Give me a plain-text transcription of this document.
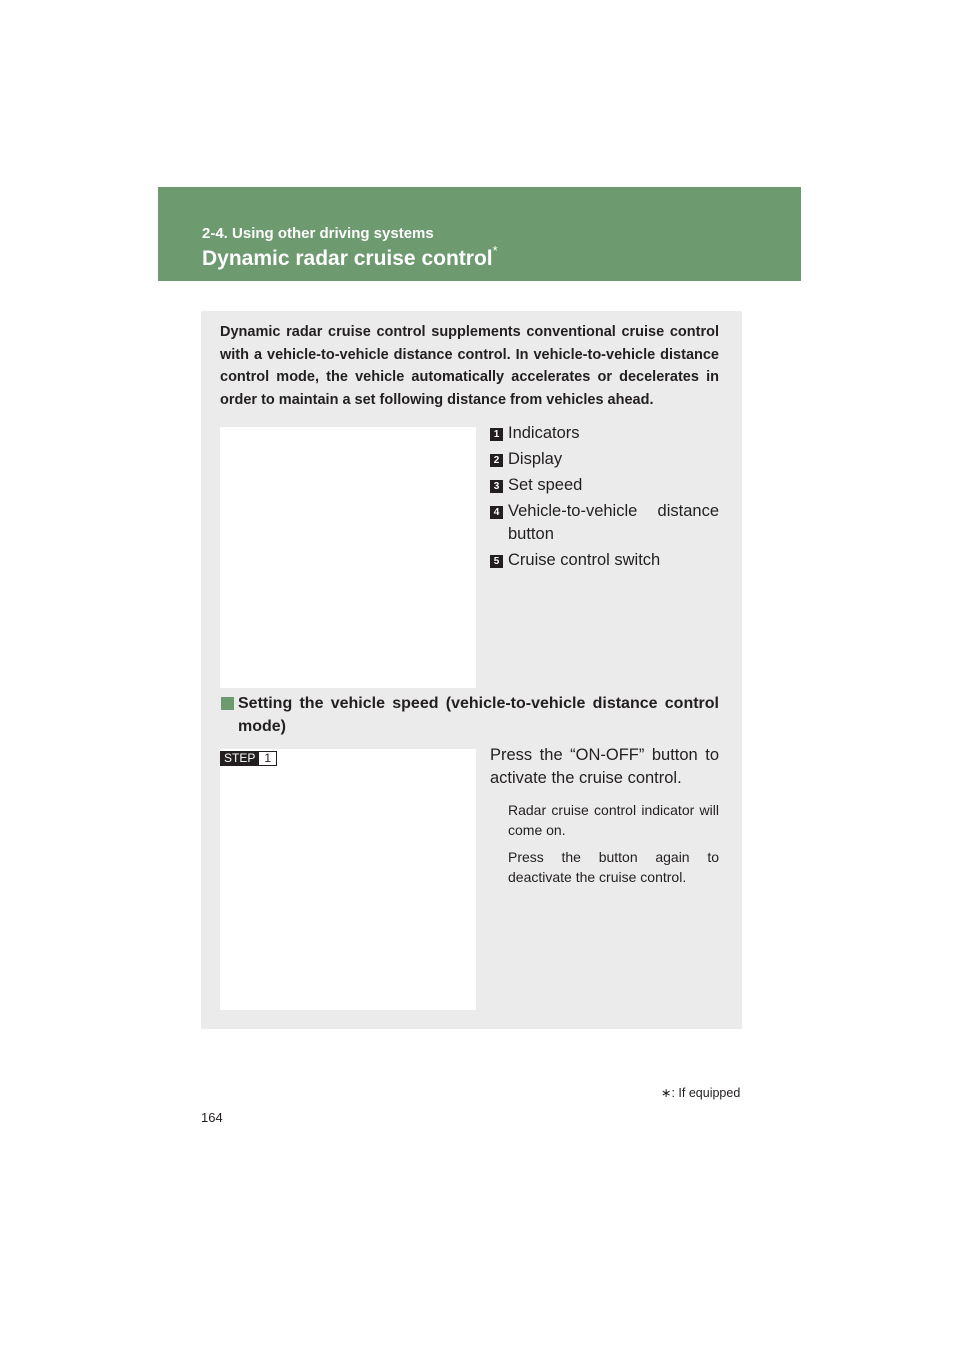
2-4. Using other driving systems
Dynamic radar cruise control*

Dynamic radar cruise control supplements conventional cruise control with a vehicle-to-vehicle distance control. In vehicle-to-vehicle distance control mode, the vehicle automatically accelerates or decelerates in order to maintain a set following distance from vehicles ahead.

1 Indicators
2 Display
3 Set speed
4 Vehicle-to-vehicle distance button
5 Cruise control switch

Setting the vehicle speed (vehicle-to-vehicle distance control mode)

STEP 1	Press the “ON-OFF” button to activate the cruise control.

Radar cruise control indicator will come on.

Press the button again to deactivate the cruise control.

∗: If equipped
164
